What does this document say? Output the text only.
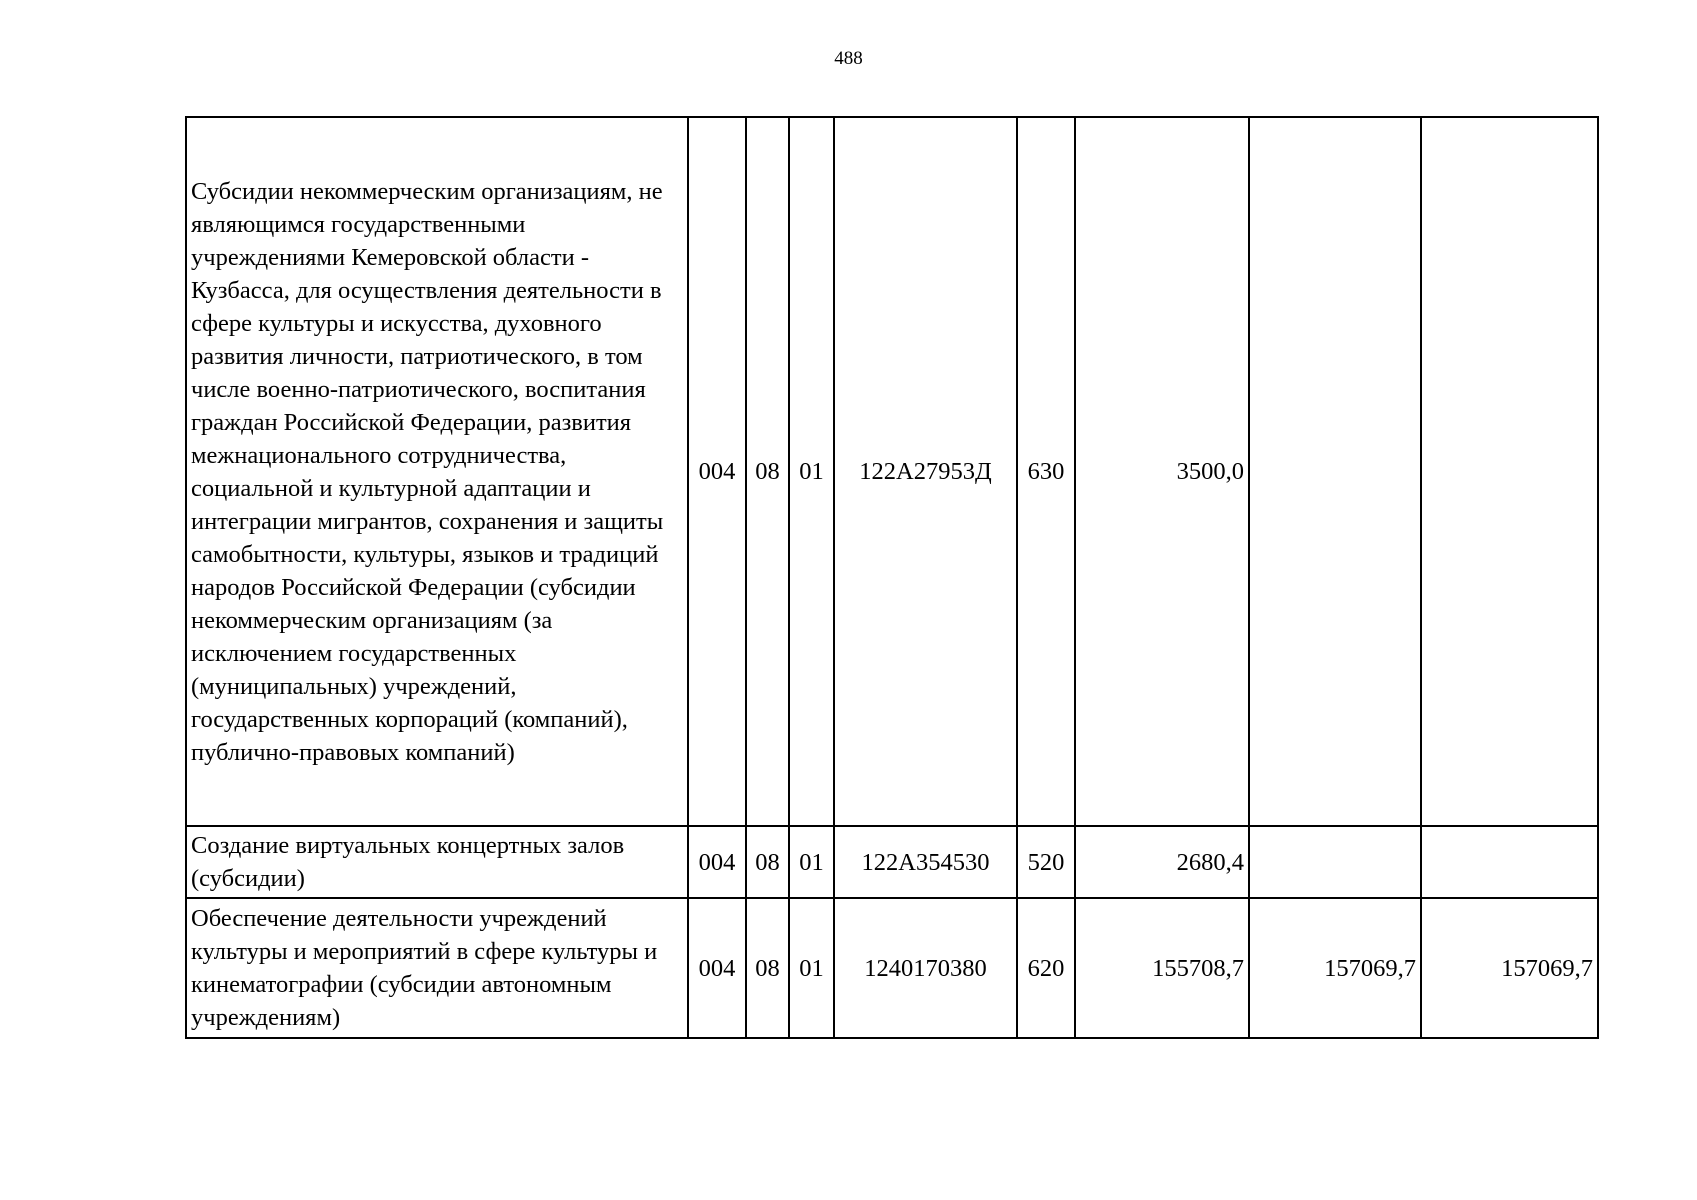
488
Субсидии некоммерческим организациям, не являющимся государственными учреждениями Кемеровской области - Кузбасса, для осуществления деятельности в сфере культуры и искусства, духовного развития личности, патриотического, в том числе военно-патриотического, воспитания граждан Российской Федерации, развития межнационального сотрудничества, социальной и культурной адаптации и интеграции мигрантов, сохранения и защиты самобытности, культуры, языков и традиций народов Российской Федерации (субсидии некоммерческим организациям (за исключением государственных (муниципальных) учреждений, государственных корпораций (компаний), публично-правовых компаний)	004	08	01	122А27953Д	630	3500,0		
Создание виртуальных концертных залов (субсидии)	004	08	01	122А354530	520	2680,4		
Обеспечение деятельности учреждений культуры и мероприятий в сфере культуры и кинематографии (субсидии автономным учреждениям)	004	08	01	1240170380	620	155708,7	157069,7	157069,7
